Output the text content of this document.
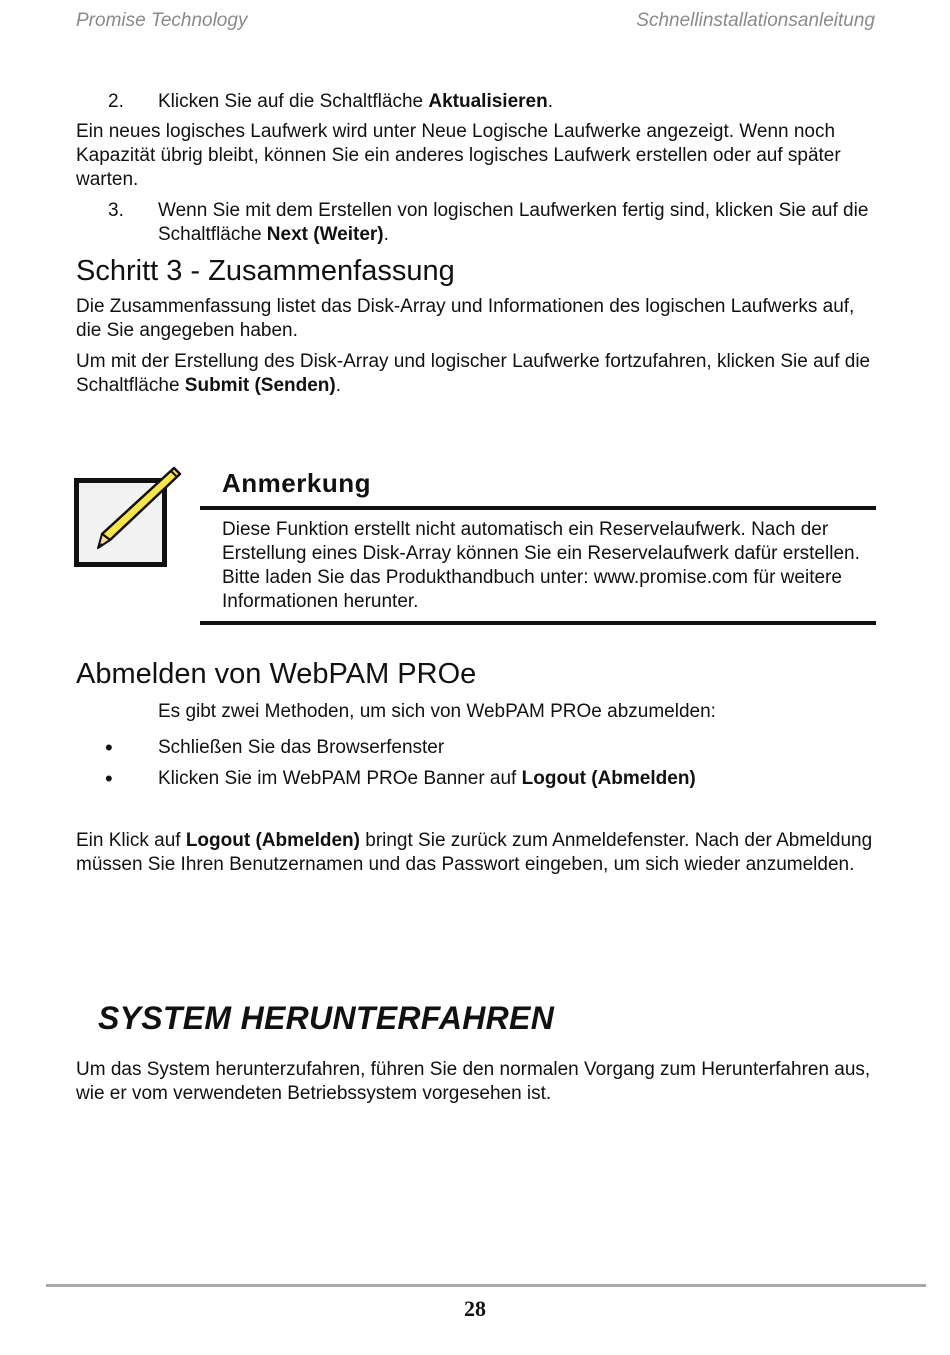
Promise Technology	Schnellinstallationsanleitung
2. Klicken Sie auf die Schaltfläche Aktualisieren.
Ein neues logisches Laufwerk wird unter Neue Logische Laufwerke angezeigt. Wenn noch Kapazität übrig bleibt, können Sie ein anderes logisches Laufwerk erstellen oder auf später warten.
3. Wenn Sie mit dem Erstellen von logischen Laufwerken fertig sind, klicken Sie auf die Schaltfläche Next (Weiter).
Schritt 3 - Zusammenfassung
Die Zusammenfassung listet das Disk-Array und Informationen des logischen Laufwerks auf, die Sie angegeben haben.
Um mit der Erstellung des Disk-Array und logischer Laufwerke fortzufahren, klicken Sie auf die Schaltfläche Submit (Senden).
Anmerkung
Diese Funktion erstellt nicht automatisch ein Reservelaufwerk. Nach der Erstellung eines Disk-Array können Sie ein Reservelaufwerk dafür erstellen. Bitte laden Sie das Produkthandbuch unter: www.promise.com für weitere Informationen herunter.
Abmelden von WebPAM PROe
Es gibt zwei Methoden, um sich von WebPAM PROe abzumelden:
• Schließen Sie das Browserfenster
• Klicken Sie im WebPAM PROe Banner auf Logout (Abmelden)
Ein Klick auf Logout (Abmelden) bringt Sie zurück zum Anmeldefenster. Nach der Abmeldung müssen Sie Ihren Benutzernamen und das Passwort eingeben, um sich wieder anzumelden.
SYSTEM HERUNTERFAHREN
Um das System herunterzufahren, führen Sie den normalen Vorgang zum Herunterfahren aus, wie er vom verwendeten Betriebssystem vorgesehen ist.
28
